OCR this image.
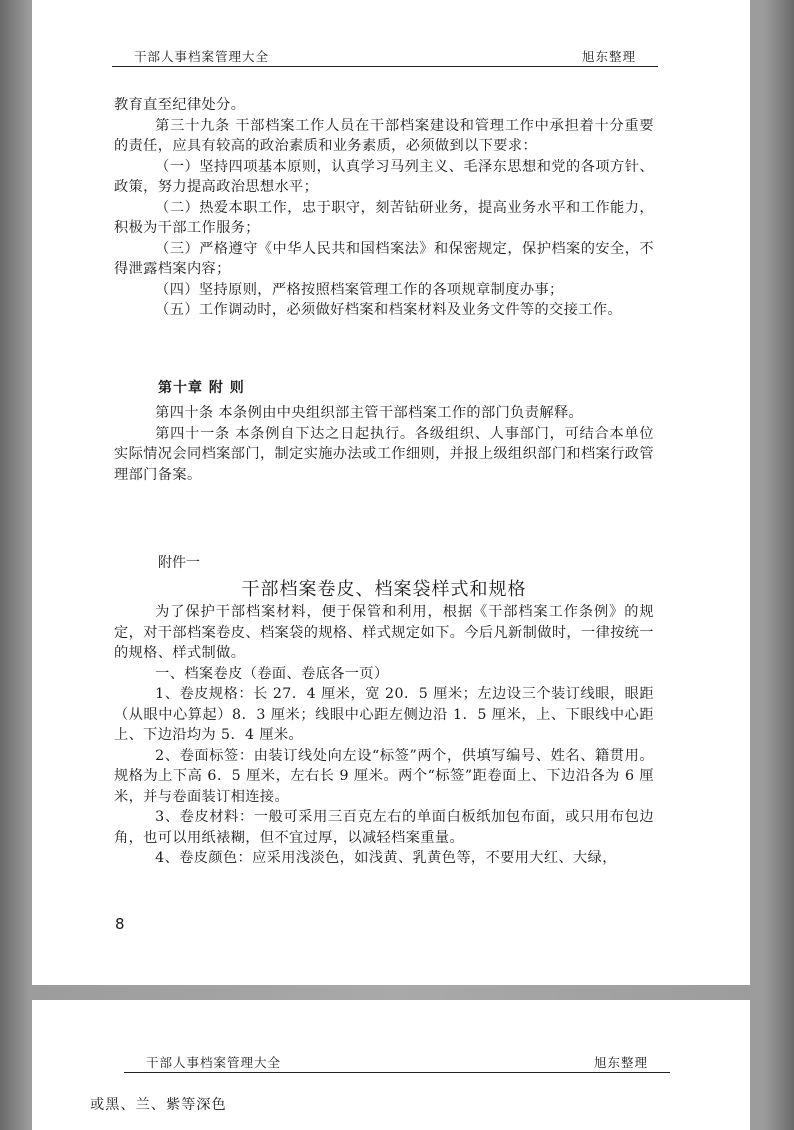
干部人事档案管理大全	旭东整理

教育直至纪律处分。

第三十九条 干部档案工作人员在干部档案建设和管理工作中承担着十分重要的责任，应具有较高的政治素质和业务素质，必须做到以下要求：

（一）坚持四项基本原则，认真学习马列主义、毛泽东思想和党的各项方针、政策，努力提高政治思想水平；

（二）热爱本职工作，忠于职守，刻苦钻研业务，提高业务水平和工作能力，积极为干部工作服务；

（三）严格遵守《中华人民共和国档案法》和保密规定，保护档案的安全，不得泄露档案内容；

（四）坚持原则，严格按照档案管理工作的各项规章制度办事；

（五）工作调动时，必须做好档案和档案材料及业务文件等的交接工作。

第十章 附 则

第四十条 本条例由中央组织部主管干部档案工作的部门负责解释。

第四十一条 本条例自下达之日起执行。各级组织、人事部门，可结合本单位实际情况会同档案部门，制定实施办法或工作细则，并报上级组织部门和档案行政管理部门备案。

附件一
干部档案卷皮、档案袋样式和规格

为了保护干部档案材料，便于保管和利用，根据《干部档案工作条例》的规定，对干部档案卷皮、档案袋的规格、样式规定如下。今后凡新制做时，一律按统一的规格、样式制做。

一、档案卷皮（卷面、卷底各一页）

1、卷皮规格：长 27．4 厘米，宽 20．5 厘米；左边设三个装订线眼，眼距（从眼中心算起）8．3 厘米；线眼中心距左侧边沿 1．5 厘米，上、下眼线中心距上、下边沿均为 5．4 厘米。

2、卷面标签：由装订线处向左设“标签”两个，供填写编号、姓名、籍贯用。规格为上下高 6．5 厘米，左右长 9 厘米。两个“标签”距卷面上、下边沿各为 6 厘米，并与卷面装订相连接。

3、卷皮材料：一般可采用三百克左右的单面白板纸加包布面，或只用布包边角，也可以用纸裱糊，但不宜过厚，以减轻档案重量。

4、卷皮颜色：应采用浅淡色，如浅黄、乳黄色等，不要用大红、大绿，

8
干部人事档案管理大全	旭东整理
或黑、兰、紫等深色
